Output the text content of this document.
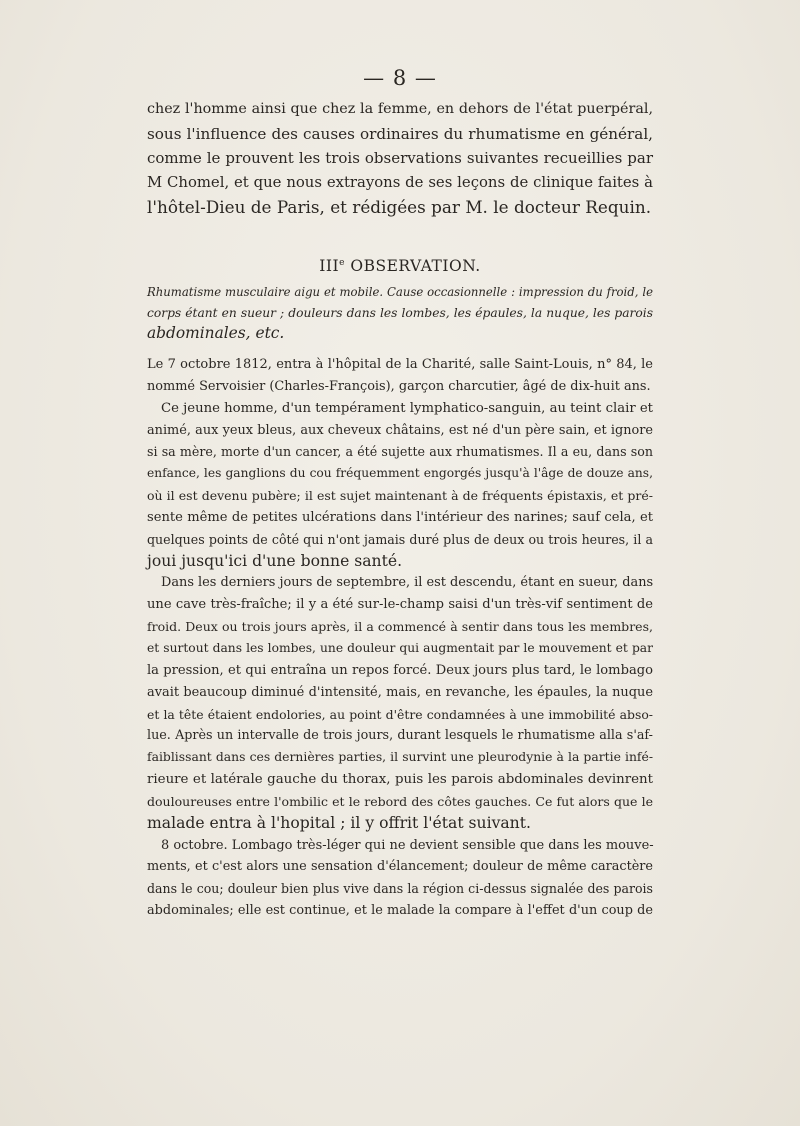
— 8 —
chez l'homme ainsi que chez la femme, en dehors de l'état puerpéral,
sous l'influence des causes ordinaires du rhumatisme en général,
comme le prouvent les trois observations suivantes recueillies par
M Chomel, et que nous extrayons de ses leçons de clinique faites à
l'hôtel-Dieu de Paris, et rédigées par M. le docteur Requin.
IIIe OBSERVATION.
Rhumatisme musculaire aigu et mobile. Cause occasionnelle : impression du froid, le
corps étant en sueur ; douleurs dans les lombes, les épaules, la nuque, les parois
abdominales, etc.
Le 7 octobre 1812, entra à l'hôpital de la Charité, salle Saint-Louis, n° 84, le
nommé Servoisier (Charles-François), garçon charcutier, âgé de dix-huit ans.
Ce jeune homme, d'un tempérament lymphatico-sanguin, au teint clair et
animé, aux yeux bleus, aux cheveux châtains, est né d'un père sain, et ignore
si sa mère, morte d'un cancer, a été sujette aux rhumatismes. Il a eu, dans son
enfance, les ganglions du cou fréquemment engorgés jusqu'à l'âge de douze ans,
où il est devenu pubère; il est sujet maintenant à de fréquents épistaxis, et pré-
sente même de petites ulcérations dans l'intérieur des narines; sauf cela, et
quelques points de côté qui n'ont jamais duré plus de deux ou trois heures, il a
joui jusqu'ici d'une bonne santé.
Dans les derniers jours de septembre, il est descendu, étant en sueur, dans
une cave très-fraîche; il y a été sur-le-champ saisi d'un très-vif sentiment de
froid. Deux ou trois jours après, il a commencé à sentir dans tous les membres,
et surtout dans les lombes, une douleur qui augmentait par le mouvement et par
la pression, et qui entraîna un repos forcé. Deux jours plus tard, le lombago
avait beaucoup diminué d'intensité, mais, en revanche, les épaules, la nuque
et la tête étaient endolories, au point d'être condamnées à une immobilité abso-
lue. Après un intervalle de trois jours, durant lesquels le rhumatisme alla s'af-
faiblissant dans ces dernières parties, il survint une pleurodynie à la partie infé-
rieure et latérale gauche du thorax, puis les parois abdominales devinrent
douloureuses entre l'ombilic et le rebord des côtes gauches. Ce fut alors que le
malade entra à l'hopital ; il y offrit l'état suivant.
8 octobre. Lombago très-léger qui ne devient sensible que dans les mouve-
ments, et c'est alors une sensation d'élancement; douleur de même caractère
dans le cou; douleur bien plus vive dans la région ci-dessus signalée des parois
abdominales; elle est continue, et le malade la compare à l'effet d'un coup de
